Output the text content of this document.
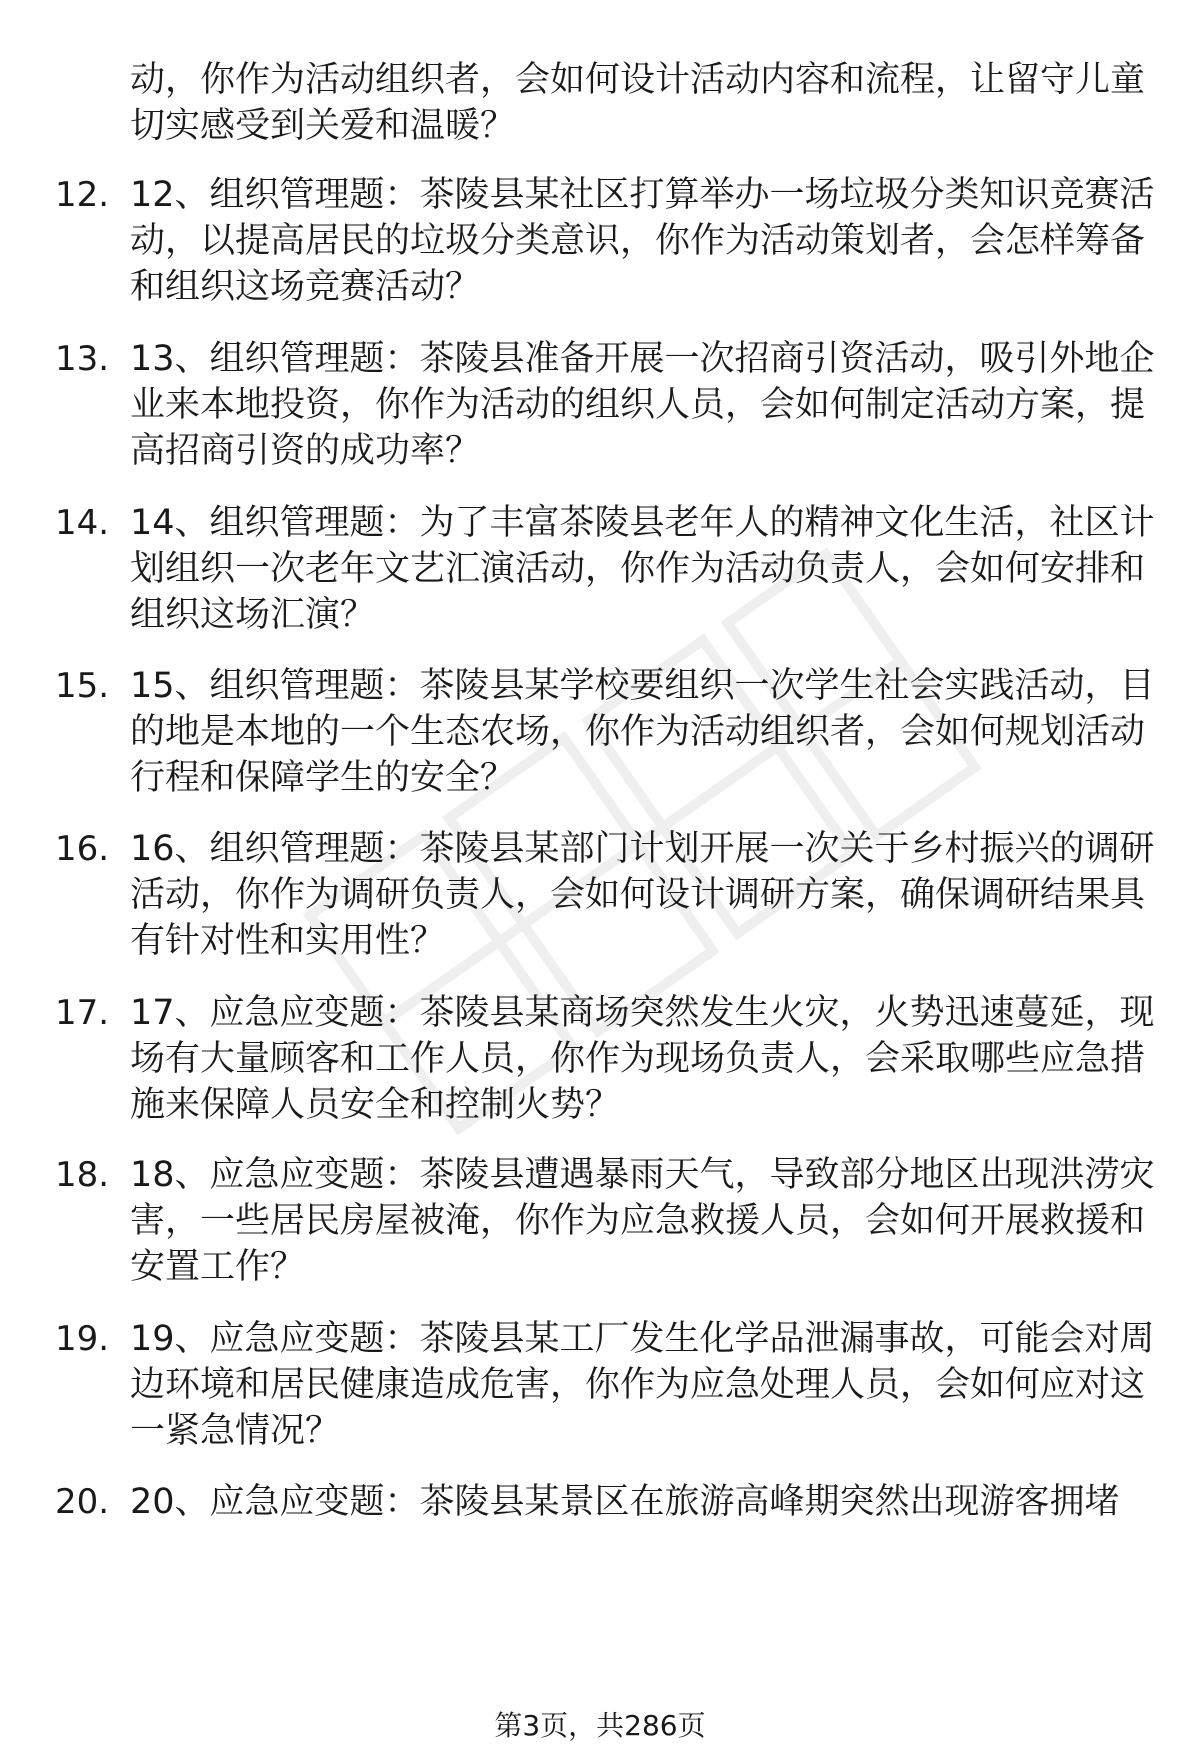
动，你作为活动组织者，会如何设计活动内容和流程，让留守儿童切实感受到关爱和温暖？

12. 12、组织管理题：茶陵县某社区打算举办一场垃圾分类知识竞赛活动，以提高居民的垃圾分类意识，你作为活动策划者，会怎样筹备和组织这场竞赛活动？

13. 13、组织管理题：茶陵县准备开展一次招商引资活动，吸引外地企业来本地投资，你作为活动的组织人员，会如何制定活动方案，提高招商引资的成功率？

14. 14、组织管理题：为了丰富茶陵县老年人的精神文化生活，社区计划组织一次老年文艺汇演活动，你作为活动负责人，会如何安排和组织这场汇演？

15. 15、组织管理题：茶陵县某学校要组织一次学生社会实践活动，目的地是本地的一个生态农场，你作为活动组织者，会如何规划活动行程和保障学生的安全？

16. 16、组织管理题：茶陵县某部门计划开展一次关于乡村振兴的调研活动，你作为调研负责人，会如何设计调研方案，确保调研结果具有针对性和实用性？

17. 17、应急应变题：茶陵县某商场突然发生火灾，火势迅速蔓延，现场有大量顾客和工作人员，你作为现场负责人，会采取哪些应急措施来保障人员安全和控制火势？

18. 18、应急应变题：茶陵县遭遇暴雨天气，导致部分地区出现洪涝灾害，一些居民房屋被淹，你作为应急救援人员，会如何开展救援和安置工作？

19. 19、应急应变题：茶陵县某工厂发生化学品泄漏事故，可能会对周边环境和居民健康造成危害，你作为应急处理人员，会如何应对这一紧急情况？

20. 20、应急应变题：茶陵县某景区在旅游高峰期突然出现游客拥堵

第3页，共286页
